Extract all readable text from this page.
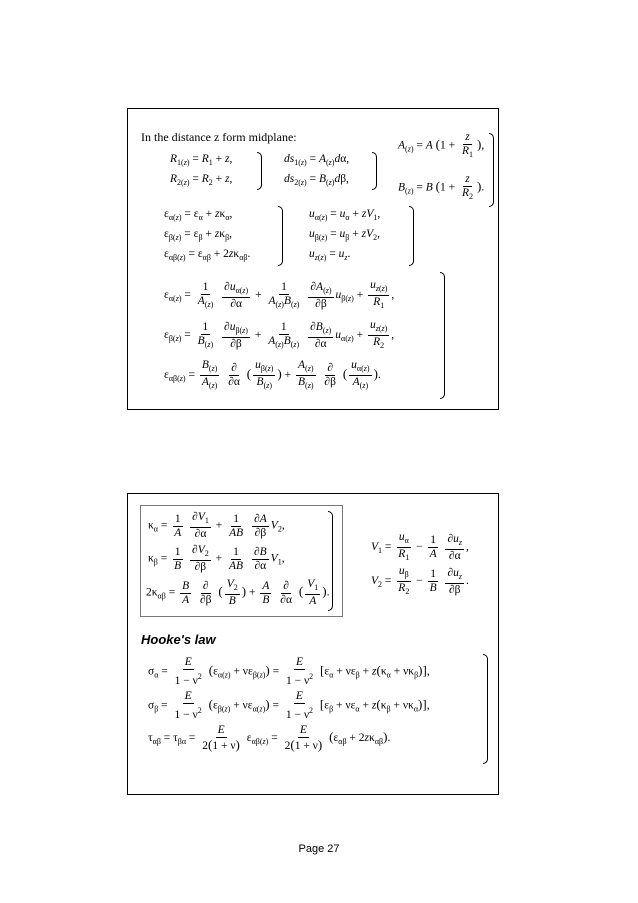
In the distance z form midplane:
$R_{1(z)} = R_1 + z$,
$R_{2(z)} = R_2 + z$,
$ds_{1(z)} = A_{(z)}d\alpha$,
$ds_{2(z)} = B_{(z)}d\beta$,
$A_{(z)} = A$ ($1 + \frac{z}{R_1}$ ),
$B_{(z)} = B$ ($1 + \frac{z}{R_2}$ ).
$\varepsilon_{\alpha(z)} = \varepsilon_\alpha + z\kappa_\alpha$,
$\varepsilon_{\beta(z)} = \varepsilon_\beta + z\kappa_\beta$,
$\varepsilon_{\alpha\beta(z)} = \varepsilon_{\alpha\beta} + 2z\kappa_{\alpha\beta}$.
$u_{\alpha(z)} = u_\alpha + zV_1$,
$u_{\beta(z)} = u_\beta + zV_2$,
$u_{z(z)} = u_z$.
$\varepsilon_{\alpha(z)} = \frac{1}{A_{(z)}}$
$\frac{\partial u_{\alpha(z)}}{\partial\alpha} + \frac{1}{A_{(z)}B_{(z)}}$
$\frac{\partial A_{(z)}}{\partial\beta} u_{\beta(z)} + \frac{u_{z(z)}}{R_1}$ ,
$\varepsilon_{\beta(z)} = \frac{1}{B_{(z)}}$
$\frac{\partial u_{\beta(z)}}{\partial\beta} + \frac{1}{A_{(z)}B_{(z)}}$
$\frac{\partial B_{(z)}}{\partial\alpha} u_{\alpha(z)} + \frac{u_{z(z)}}{R_2}$ ,
$\varepsilon_{\alpha\beta(z)} = \frac{B_{(z)}}{A_{(z)}}$
$\frac{\partial}{\partial\alpha}$ ( $\frac{u_{\beta(z)}}{B_{(z)}}$ ) + $\frac{A_{(z)}}{B_{(z)}}$
$\frac{\partial}{\partial\beta}$ ( $\frac{u_{\alpha(z)}}{A_{(z)}}$ ).
$\kappa_\alpha = \frac{1}{A}$
$\frac{\partial V_1}{\partial\alpha} + \frac{1}{AB}$
$\frac{\partial A}{\partial\beta} V_2$,
$\kappa_\beta = \frac{1}{B}$
$\frac{\partial V_2}{\partial\beta} + \frac{1}{AB}$
$\frac{\partial B}{\partial\alpha} V_1$,
$2\kappa_{\alpha\beta} = \frac{B}{A}$
$\frac{\partial}{\partial\beta}$ ( $\frac{V_2}{B}$ ) + $\frac{A}{B}$
$\frac{\partial}{\partial\alpha}$ ( $\frac{V_1}{A}$ ).
$V_1 = \frac{u_\alpha}{R_1} - \frac{1}{A}$
$\frac{\partial u_z}{\partial\alpha}$ ,
$V_2 = \frac{u_\beta}{R_2} - \frac{1}{B}$
$\frac{\partial u_z}{\partial\beta}$ .
Hooke's law
$\sigma_\alpha = \frac{E}{1 - \nu^2} (\varepsilon_{\alpha(z)} + \nu\varepsilon_{\beta(z)}) = \frac{E}{1 - \nu^2} [\varepsilon_\alpha + \nu\varepsilon_\beta + z(\kappa_\alpha + \nu\kappa_\beta)]$,
$\sigma_\beta = \frac{E}{1 - \nu^2} (\varepsilon_{\beta(z)} + \nu\varepsilon_{\alpha(z)}) = \frac{E}{1 - \nu^2} [\varepsilon_\beta + \nu\varepsilon_\alpha + z(\kappa_\beta + \nu\kappa_\alpha)]$,
$\tau_{\alpha\beta} = \tau_{\beta\alpha} = \frac{E}{2(1 + \nu)} \varepsilon_{\alpha\beta(z)} = \frac{E}{2(1 + \nu)} (\varepsilon_{\alpha\beta} + 2z\kappa_{\alpha\beta})$.
Page 27
